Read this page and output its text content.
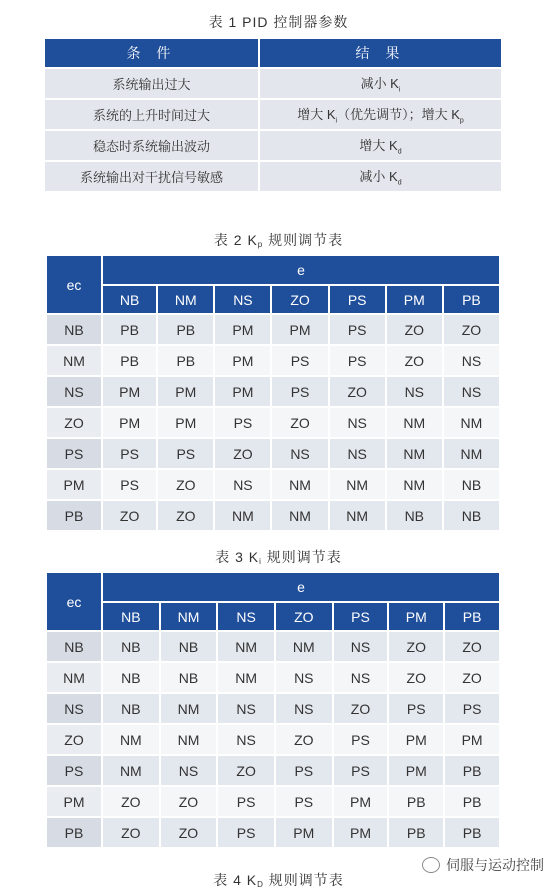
表 1 PID 控制器参数
条 件	结 果
系统输出过大	减小 $K_i$
系统的上升时间过大	增大 $K_i$（优先调节）；增大 $K_p$
稳态时系统输出波动	增大 $K_d$
系统输出对干扰信号敏感	减小 $K_d$
表 2 $K_p$ 规则调节表
ec	e						
	NB	NM	NS	ZO	PS	PM	PB
NB	PB	PB	PM	PM	PS	ZO	ZO
NM	PB	PB	PM	PS	PS	ZO	NS
NS	PM	PM	PM	PS	ZO	NS	NS
ZO	PM	PM	PS	ZO	NS	NM	NM
PS	PS	PS	ZO	NS	NS	NM	NM
PM	PS	ZO	NS	NM	NM	NM	NB
PB	ZO	ZO	NM	NM	NM	NB	NB
表 3 $K_i$ 规则调节表
ec	e						
	NB	NM	NS	ZO	PS	PM	PB
NB	NB	NB	NM	NM	NS	ZO	ZO
NM	NB	NB	NM	NS	NS	ZO	ZO
NS	NB	NM	NS	NS	ZO	PS	PS
ZO	NM	NM	NS	ZO	PS	PM	PM
PS	NM	NS	ZO	PS	PS	PM	PB
PM	ZO	ZO	PS	PS	PM	PB	PB
PB	ZO	ZO	PS	PM	PM	PB	PB
表 4 $K_D$ 规则调节表
伺服与运动控制
